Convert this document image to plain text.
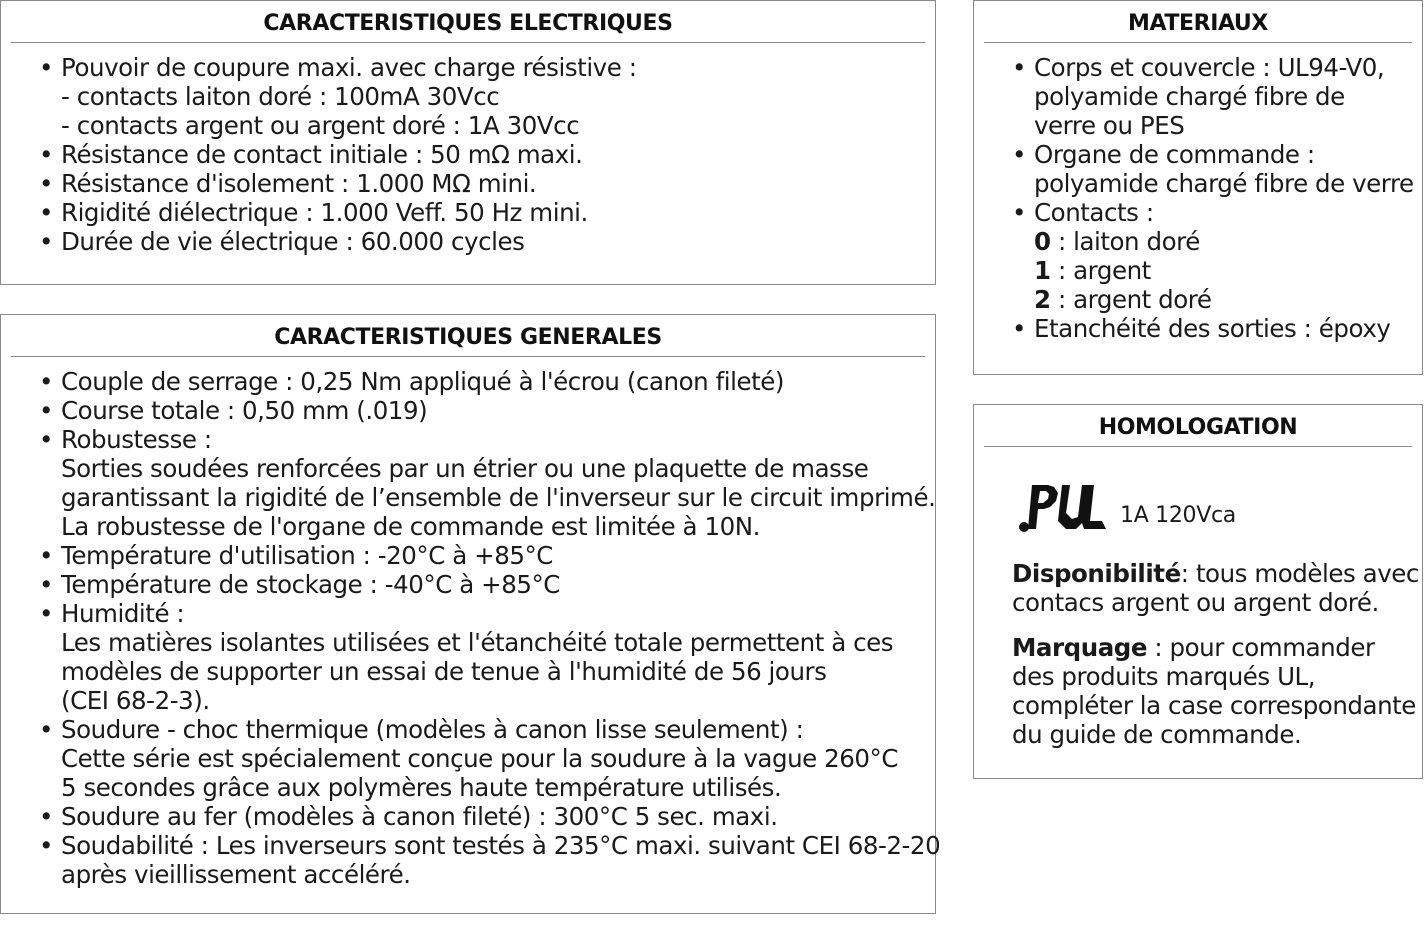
CARACTERISTIQUES ELECTRIQUES
• Pouvoir de coupure maxi. avec charge résistive :
- contacts laiton doré : 100mA 30Vcc
- contacts argent ou argent doré : 1A 30Vcc
• Résistance de contact initiale : 50 mΩ maxi.
• Résistance d'isolement : 1.000 MΩ mini.
• Rigidité diélectrique : 1.000 Veff. 50 Hz mini.
• Durée de vie électrique : 60.000 cycles
CARACTERISTIQUES GENERALES
• Couple de serrage : 0,25 Nm appliqué à l'écrou (canon fileté)
• Course totale : 0,50 mm (.019)
• Robustesse :
Sorties soudées renforcées par un étrier ou une plaquette de masse
garantissant la rigidité de l’ensemble de l'inverseur sur le circuit imprimé.
La robustesse de l'organe de commande est limitée à 10N.
• Température d'utilisation : -20°C à +85°C
• Température de stockage : -40°C à +85°C
• Humidité :
Les matières isolantes utilisées et l'étanchéité totale permettent à ces
modèles de supporter un essai de tenue à l'humidité de 56 jours
(CEI 68-2-3).
• Soudure - choc thermique (modèles à canon lisse seulement) :
Cette série est spécialement conçue pour la soudure à la vague 260°C
5 secondes grâce aux polymères haute température utilisés.
• Soudure au fer (modèles à canon fileté) : 300°C 5 sec. maxi.
• Soudabilité : Les inverseurs sont testés à 235°C maxi. suivant CEI 68-2-20
après vieillissement accéléré.
MATERIAUX
• Corps et couvercle : UL94-V0,
polyamide chargé fibre de
verre ou PES
• Organe de commande :
polyamide chargé fibre de verre
• Contacts :
0 : laiton doré
1 : argent
2 : argent doré
• Etanchéité des sorties : époxy
HOMOLOGATION
1A 120Vca
Disponibilité: tous modèles avec
contacs argent ou argent doré.
Marquage : pour commander
des produits marqués UL,
compléter la case correspondante
du guide de commande.
